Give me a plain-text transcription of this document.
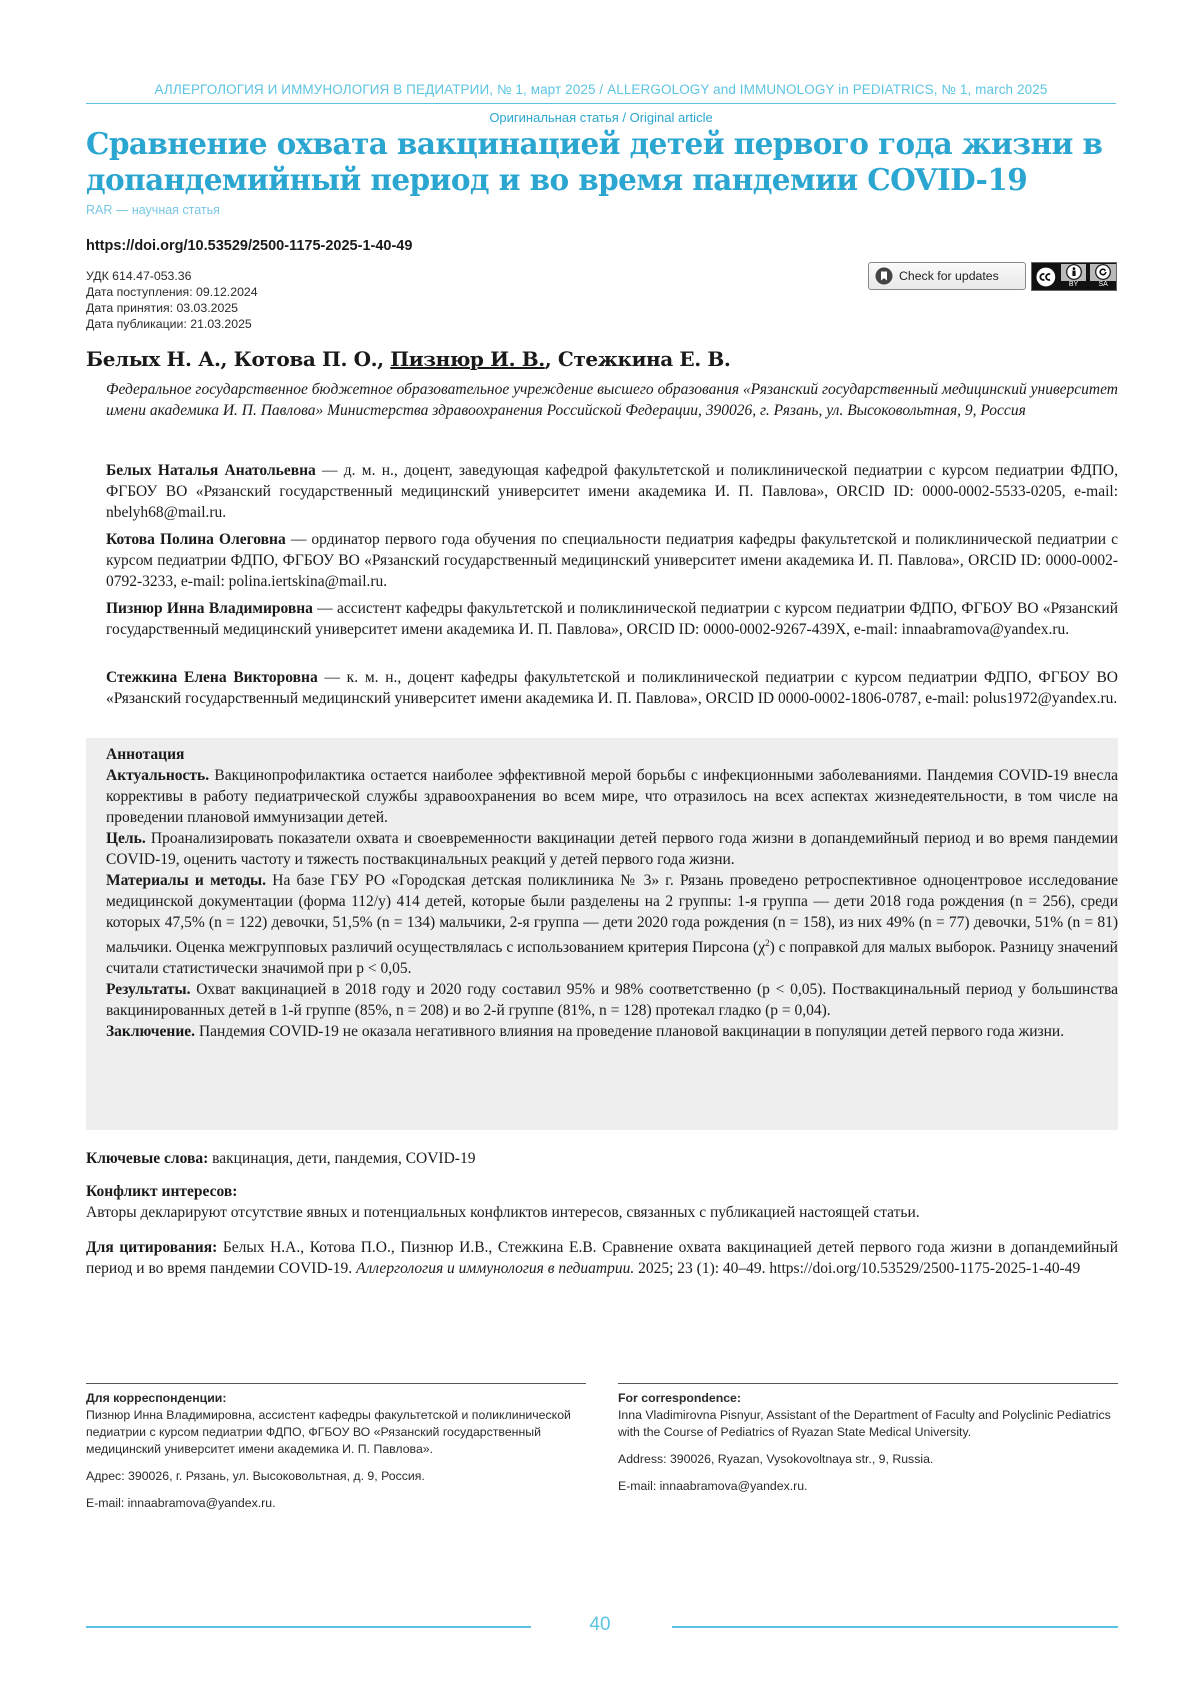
АЛЛЕРГОЛОГИЯ И ИММУНОЛОГИЯ В ПЕДИАТРИИ, № 1, март 2025 / ALLERGOLOGY and IMMUNOLOGY in PEDIATRICS, № 1, march 2025
Оригинальная статья / Original article
Сравнение охвата вакцинацией детей первого года жизни в допандемийный период и во время пандемии COVID-19
RAR — научная статья
https://doi.org/10.53529/2500-1175-2025-1-40-49
УДК 614.47-053.36
Дата поступления: 09.12.2024
Дата принятия: 03.03.2025
Дата публикации: 21.03.2025
Check for updates
BY	SA
Белых Н. А., Котова П. О., Пизнюр И. В., Стежкина Е. В.
Федеральное государственное бюджетное образовательное учреждение высшего образования «Рязанский государственный медицинский университет имени академика И. П. Павлова» Министерства здравоохранения Российской Федерации, 390026, г. Рязань, ул. Высоковольтная, 9, Россия
Белых Наталья Анатольевна — д. м. н., доцент, заведующая кафедрой факультетской и поликлинической педиатрии с курсом педиатрии ФДПО, ФГБОУ ВО «Рязанский государственный медицинский университет имени академика И. П. Павлова», ORCID ID: 0000-0002-5533-0205, e-mail: nbelyh68@mail.ru.
Котова Полина Олеговна — ординатор первого года обучения по специальности педиатрия кафедры факультетской и поликлинической педиатрии с курсом педиатрии ФДПО, ФГБОУ ВО «Рязанский государственный медицинский университет имени академика И. П. Павлова», ORCID ID: 0000-0002-0792-3233, e-mail: polina.iertskina@mail.ru.
Пизнюр Инна Владимировна — ассистент кафедры факультетской и поликлинической педиатрии с курсом педиатрии ФДПО, ФГБОУ ВО «Рязанский государственный медицинский университет имени академика И. П. Павлова», ORCID ID: 0000-0002-9267-439X, e-mail: innaabramova@yandex.ru.
Стежкина Елена Викторовна — к. м. н., доцент кафедры факультетской и поликлинической педиатрии с курсом педиатрии ФДПО, ФГБОУ ВО «Рязанский государственный медицинский университет имени академика И. П. Павлова», ORCID ID 0000-0002-1806-0787, e-mail: polus1972@yandex.ru.

Аннотация

Актуальность. Вакцинопрофилактика остается наиболее эффективной мерой борьбы с инфекционными заболеваниями. Пандемия COVID-19 внесла коррективы в работу педиатрической службы здравоохранения во всем мире, что отразилось на всех аспектах жизнедеятельности, в том числе на проведении плановой иммунизации детей.

Цель. Проанализировать показатели охвата и своевременности вакцинации детей первого года жизни в допандемийный период и во время пандемии COVID-19, оценить частоту и тяжесть поствакцинальных реакций у детей первого года жизни.

Материалы и методы. На базе ГБУ РО «Городская детская поликлиника № 3» г. Рязань проведено ретроспективное одноцентровое исследование медицинской документации (форма 112/у) 414 детей, которые были разделены на 2 группы: 1-я группа — дети 2018 года рождения (n = 256), среди которых 47,5% (n = 122) девочки, 51,5% (n = 134) мальчики, 2-я группа — дети 2020 года рождения (n = 158), из них 49% (n = 77) девочки, 51% (n = 81) мальчики. Оценка межгрупповых различий осуществлялась с использованием критерия Пирсона $(\chi^2)$ с поправкой для малых выборок. Разницу значений считали статистически значимой при p < 0,05.

Результаты. Охват вакцинацией в 2018 году и 2020 году составил 95% и 98% соответственно (p < 0,05). Поствакцинальный период у большинства вакцинированных детей в 1-й группе (85%, n = 208) и во 2-й группе (81%, n = 128) протекал гладко (p = 0,04).

Заключение. Пандемия COVID-19 не оказала негативного влияния на проведение плановой вакцинации в популяции детей первого года жизни.

Ключевые слова: вакцинация, дети, пандемия, COVID-19
Конфликт интересов:
Авторы декларируют отсутствие явных и потенциальных конфликтов интересов, связанных с публикацией настоящей статьи.
Для цитирования: Белых Н.А., Котова П.О., Пизнюр И.В., Стежкина Е.В. Сравнение охвата вакцинацией детей первого года жизни в допандемийный период и во время пандемии COVID-19. Аллергология и иммунология в педиатрии. 2025; 23 (1): 40–49. https://doi.org/10.53529/2500-1175-2025-1-40-49

Для корреспонденции:

Пизнюр Инна Владимировна, ассистент кафедры факультетской и поликлинической педиатрии с курсом педиатрии ФДПО, ФГБОУ ВО «Рязанский государственный медицинский университет имени академика И. П. Павлова».

Адрес: 390026, г. Рязань, ул. Высоковольтная, д. 9, Россия.

E-mail: innaabramova@yandex.ru.

For correspondence:

Inna Vladimirovna Pisnyur, Assistant of the Department of Faculty and Polyclinic Pediatrics with the Course of Pediatrics of Ryazan State Medical University.

Address: 390026, Ryazan, Vysokovoltnaya str., 9, Russia.

E-mail: innaabramova@yandex.ru.

40
